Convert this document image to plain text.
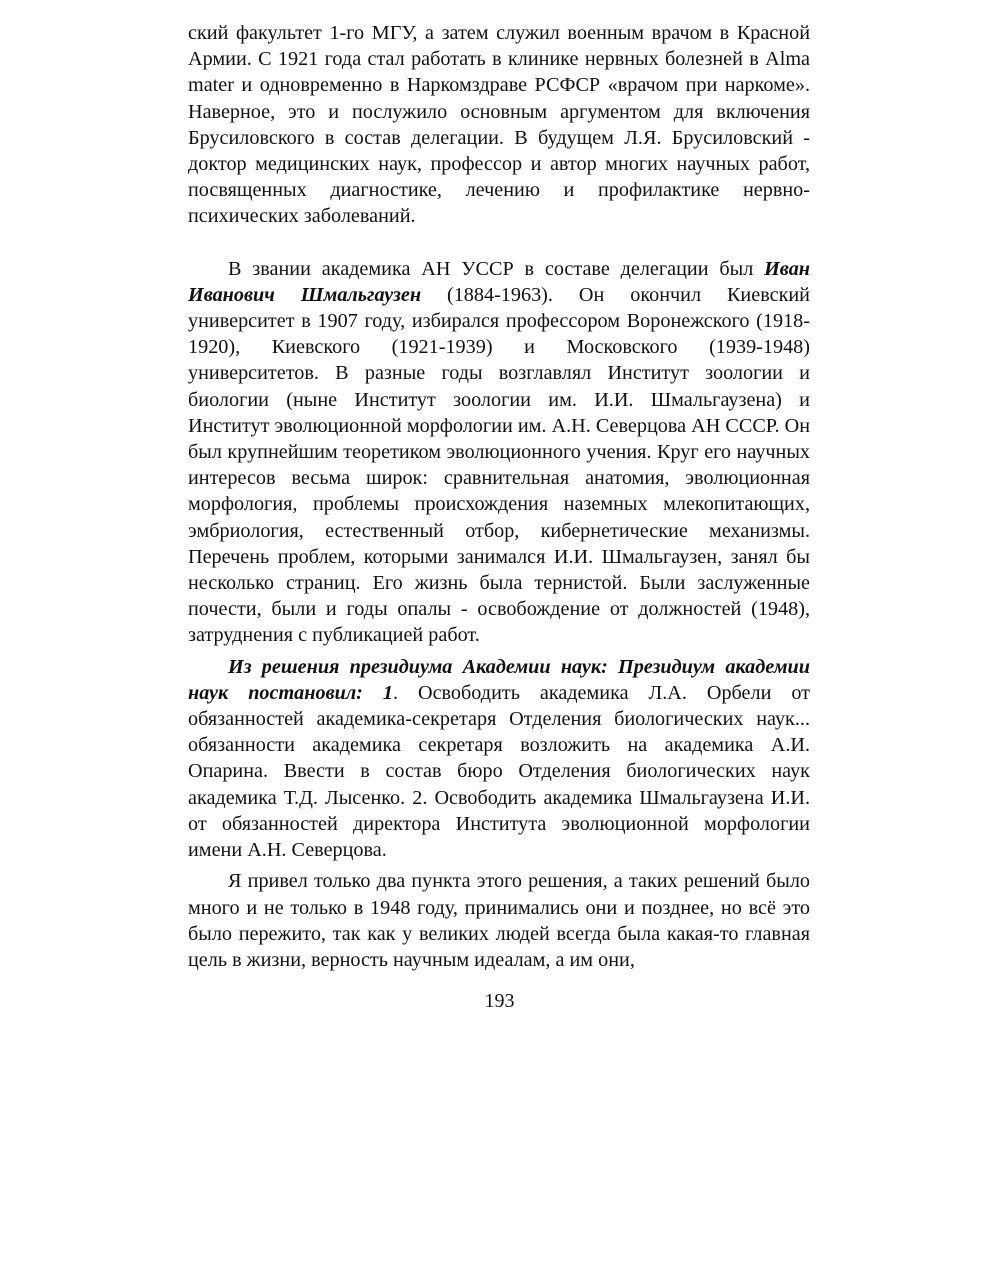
ский факультет 1-го МГУ, а затем служил военным врачом в Красной Армии. С 1921 года стал работать в клинике нервных болезней в Alma mater и одновременно в Наркомздраве РСФСР «врачом при наркоме». Наверное, это и послужило основным аргументом для включения Брусиловского в состав делегации. В будущем Л.Я. Брусиловский - доктор медицинских наук, профессор и автор многих научных работ, посвященных диагностике, лечению и профилактике нервно-психических заболеваний.

В звании академика АН УССР в составе делегации был Иван Иванович Шмальгаузен (1884-1963). Он окончил Киевский университет в 1907 году, избирался профессором Воронежского (1918-1920), Киевского (1921-1939) и Московского (1939-1948) университетов. В разные годы возглавлял Институт зоологии и биологии (ныне Институт зоологии им. И.И. Шмальгаузена) и Институт эволюционной морфологии им. А.Н. Северцова АН СССР. Он был крупнейшим теоретиком эволюционного учения. Круг его научных интересов весьма широк: сравнительная анатомия, эволюционная морфология, проблемы происхождения наземных млекопитающих, эмбриология, естественный отбор, кибернетические механизмы. Перечень проблем, которыми занимался И.И. Шмальгаузен, занял бы несколько страниц. Его жизнь была тернистой. Были заслуженные почести, были и годы опалы - освобождение от должностей (1948), затруднения с публикацией работ.

Из решения президиума Академии наук: Президиум академии наук постановил: 1. Освободить академика Л.А. Орбели от обязанностей академика-секретаря Отделения биологических наук... обязанности академика секретаря возложить на академика А.И. Опарина. Ввести в состав бюро Отделения биологических наук академика Т.Д. Лысенко. 2. Освободить академика Шмальгаузена И.И. от обязанностей директора Института эволюционной морфологии имени А.Н. Северцова.

Я привел только два пункта этого решения, а таких решений было много и не только в 1948 году, принимались они и позднее, но всё это было пережито, так как у великих людей всегда была какая-то главная цель в жизни, верность научным идеалам, а им они,

193
